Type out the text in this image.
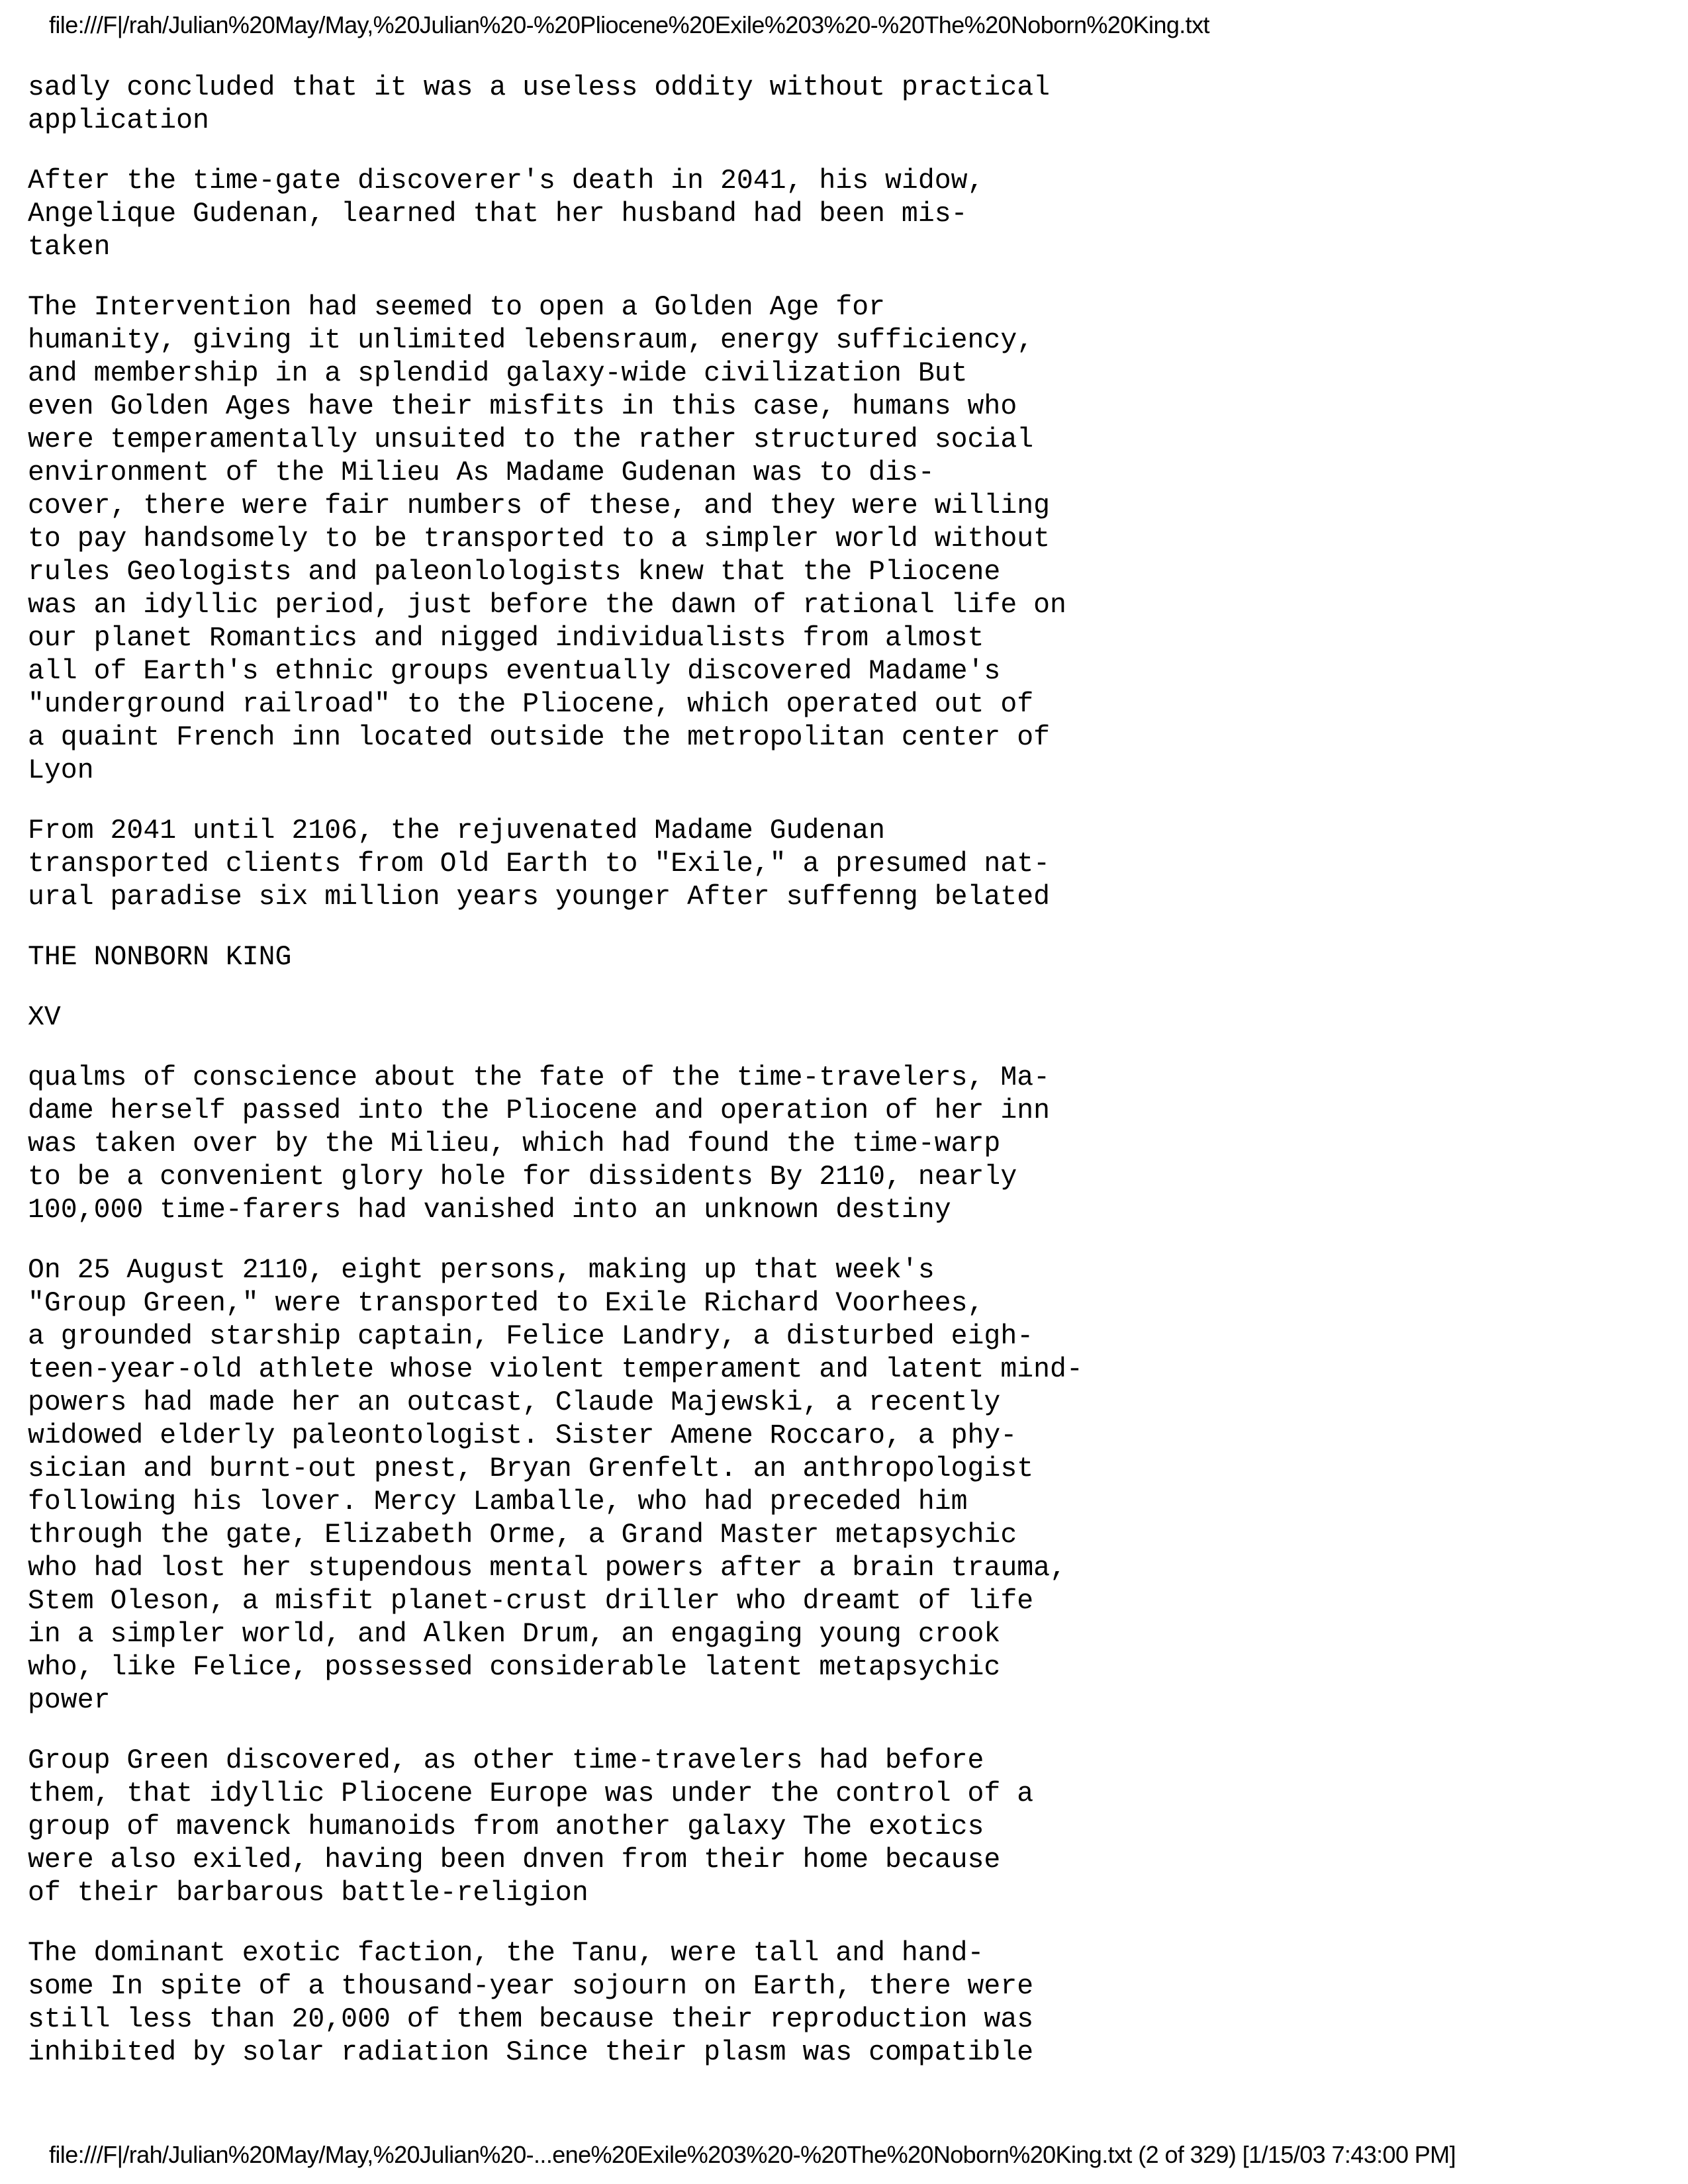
file:///F|/rah/Julian%20May/May,%20Julian%20-%20Pliocene%20Exile%203%20-%20The%20Noborn%20King.txt
sadly concluded that it was a useless oddity without practical
application
After the time-gate discoverer's death in 2041, his widow,
Angelique Gudenan, learned that her husband had been mis-
taken
The Intervention had seemed to open a Golden Age for
humanity, giving it unlimited lebensraum, energy sufficiency,
and membership in a splendid galaxy-wide civilization But
even Golden Ages have their misfits in this case, humans who
were temperamentally unsuited to the rather structured social
environment of the Milieu As Madame Gudenan was to dis-
cover, there were fair numbers of these, and they were willing
to pay handsomely to be transported to a simpler world without
rules Geologists and paleonlologists knew that the Pliocene
was an idyllic period, just before the dawn of rational life on
our planet Romantics and nigged individualists from almost
all of Earth's ethnic groups eventually discovered Madame's
"underground railroad" to the Pliocene, which operated out of
a quaint French inn located outside the metropolitan center of
Lyon
From 2041 until 2106, the rejuvenated Madame Gudenan
transported clients from Old Earth to "Exile," a presumed nat-
ural paradise six million years younger After suffenng belated
THE NONBORN KING
XV
qualms of conscience about the fate of the time-travelers, Ma-
dame herself passed into the Pliocene and operation of her inn
was taken over by the Milieu, which had found the time-warp
to be a convenient glory hole for dissidents By 2110, nearly
100,000 time-farers had vanished into an unknown destiny
On 25 August 2110, eight persons, making up that week's
"Group Green," were transported to Exile Richard Voorhees,
a grounded starship captain, Felice Landry, a disturbed eigh-
teen-year-old athlete whose violent temperament and latent mind-
powers had made her an outcast, Claude Majewski, a recently
widowed elderly paleontologist. Sister Amene Roccaro, a phy-
sician and burnt-out pnest, Bryan Grenfelt. an anthropologist
following his lover. Mercy Lamballe, who had preceded him
through the gate, Elizabeth Orme, a Grand Master metapsychic
who had lost her stupendous mental powers after a brain trauma,
Stem Oleson, a misfit planet-crust driller who dreamt of life
in a simpler world, and Alken Drum, an engaging young crook
who, like Felice, possessed considerable latent metapsychic
power
Group Green discovered, as other time-travelers had before
them, that idyllic Pliocene Europe was under the control of a
group of mavenck humanoids from another galaxy The exotics
were also exiled, having been dnven from their home because
of their barbarous battle-religion
The dominant exotic faction, the Tanu, were tall and hand-
some In spite of a thousand-year sojourn on Earth, there were
still less than 20,000 of them because their reproduction was
inhibited by solar radiation Since their plasm was compatible
file:///F|/rah/Julian%20May/May,%20Julian%20-...ene%20Exile%203%20-%20The%20Noborn%20King.txt (2 of 329) [1/15/03 7:43:00 PM]
